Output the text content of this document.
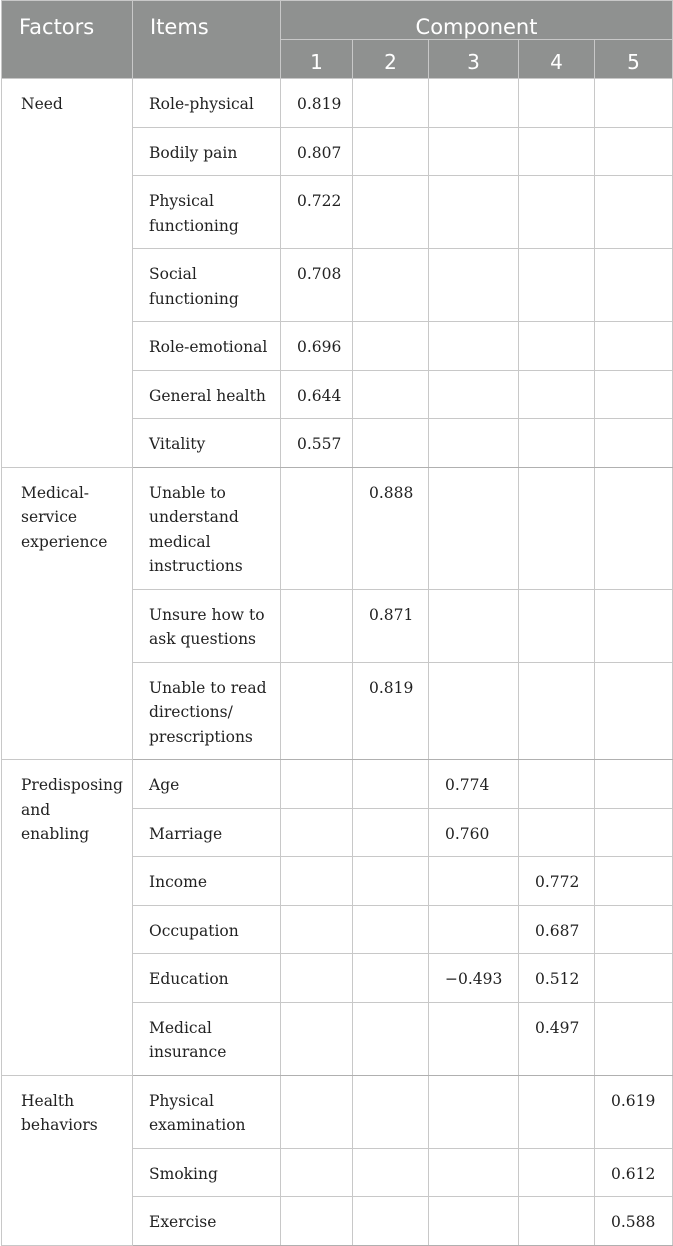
Factors	Items	Component				
		1	2	3	4	5
Need	Role-physical	0.819				
	Bodily pain	0.807				
	Physical functioning	0.722				
	Social functioning	0.708				
	Role-emotional	0.696				
	General health	0.644				
	Vitality	0.557				
Medical-service experience	Unable to understand medical instructions		0.888			
	Unsure how to ask questions		0.871			
	Unable to read directions/ prescriptions		0.819			
Predisposing and enabling	Age			0.774		
	Marriage			0.760		
	Income				0.772	
	Occupation				0.687	
	Education			−0.493	0.512	
	Medical insurance				0.497	
Health behaviors	Physical examination					0.619
	Smoking					0.612
	Exercise					0.588
